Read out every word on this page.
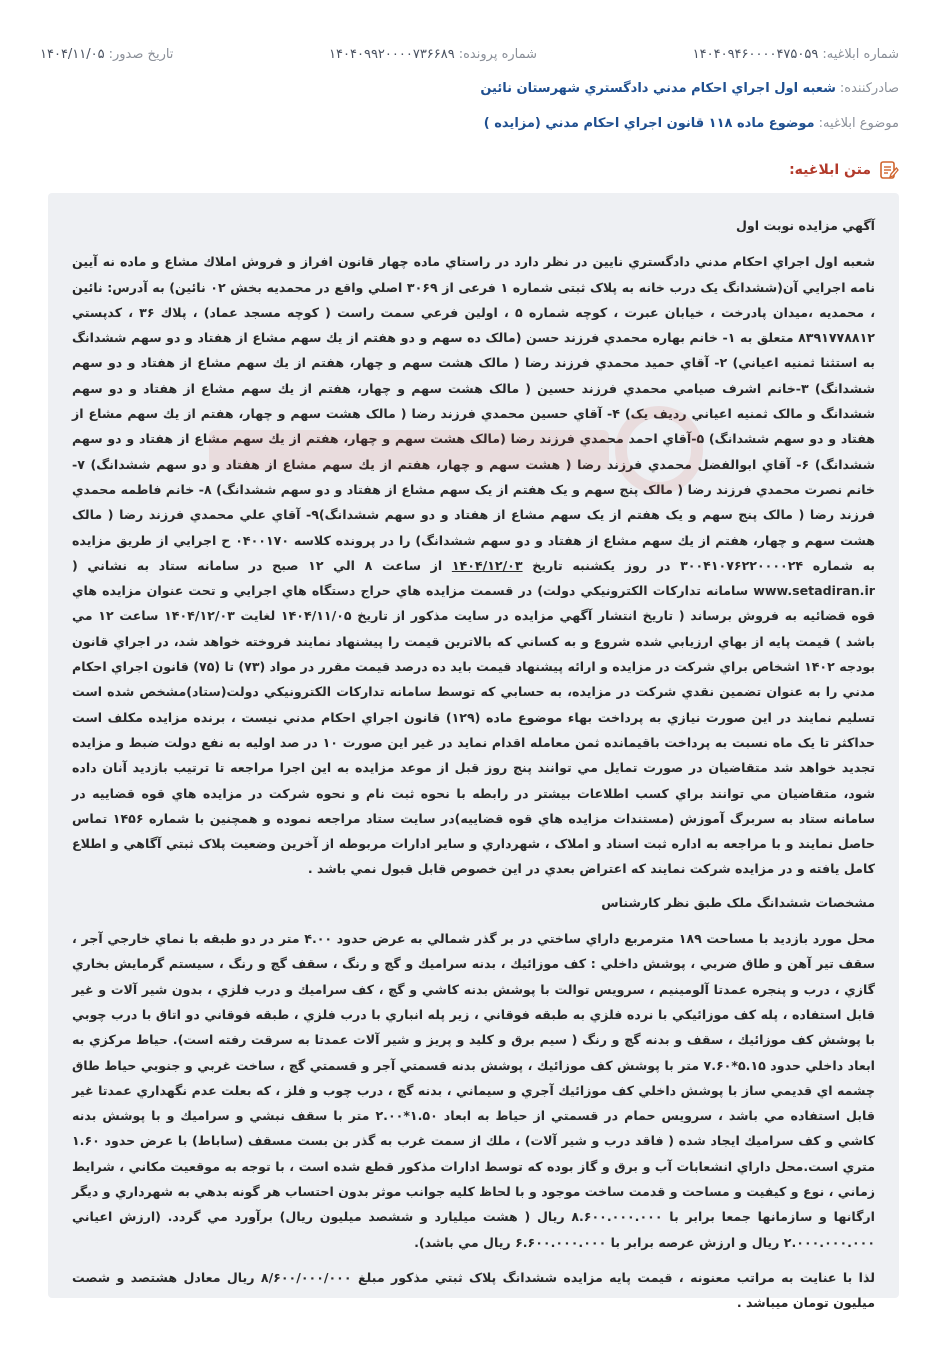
شماره ابلاغیه:۱۴۰۴۰۹۴۶۰۰۰۰۴۷۵۰۵۹
شماره پرونده:۱۴۰۴۰۹۹۲۰۰۰۰۷۳۶۶۸۹
تاریخ صدور:۱۴۰۴/۱۱/۰۵
صادرکننده:
شعبه اول اجراي احكام مدني دادگستري شهرستان نائين
موضوع ابلاغیه:
موضوع ماده ۱۱۸ قانون اجراي احكام مدني (مزايده )
متن ابلاغیه:

آگهي مزايده نوبت اول

شعبه اول اجراي احكام مدني دادگستري نايين در نظر دارد در راستاي ماده چهار قانون افراز و فروش املاك مشاع و ماده نه آيين نامه اجرايي آن(ششدانگ يک درب خانه به پلاک ثبتی شماره ۱ فرعی از ۳۰۶۹ اصلي واقع در محمديه بخش ۰۲ نائين) به آدرس: نائين ، محمديه ،ميدان پادرخت ، خيابان عبرت ، كوچه شماره ۵ ، اولين فرعي سمت راست ( كوچه مسجد عماد) ، پلاك ۳۶ ، كدپستي ۸۳۹۱۷۷۸۸۱۲ متعلق به ۱- خانم بهاره محمدي فرزند حسن (مالک ده سهم و دو هفتم از يك سهم مشاع از هفتاد و دو سهم ششدانگ به استثنا ثمنيه اعياني) ۲- آقاي حميد محمدي فرزند رضا ( مالک هشت سهم و چهار، هفتم از يك سهم مشاع از هفتاد و دو سهم ششدانگ) ۳-خانم اشرف صيامي محمدي فرزند حسين ( مالک هشت سهم و چهار، هفتم از يك سهم مشاع از هفتاد و دو سهم ششدانگ و مالک ثمنيه اعياني رديف يک) ۴- آقاي حسين محمدي فرزند رضا ( مالک هشت سهم و چهار، هفتم از يك سهم مشاع از هفتاد و دو سهم ششدانگ) ۵-آقاي احمد محمدي فرزند رضا (مالک هشت سهم و چهار، هفتم از يك سهم مشاع از هفتاد و دو سهم ششدانگ) ۶- آقاي ابوالفضل محمدي فرزند رضا ( هشت سهم و چهار، هفتم از يك سهم مشاع از هفتاد و دو سهم ششدانگ) ۷- خانم نصرت محمدي فرزند رضا ( مالک پنج سهم و يک هفتم از يک سهم مشاع از هفتاد و دو سهم ششدانگ) ۸- خانم فاطمه محمدي فرزند رضا ( مالک پنج سهم و يک هفتم از يک سهم مشاع از هفتاد و دو سهم ششدانگ)۹- آقاي علي محمدي فرزند رضا ( مالک هشت سهم و چهار، هفتم از يك سهم مشاع از هفتاد و دو سهم ششدانگ) را در پرونده كلاسه ۰۴۰۰۱۷۰ ح اجرايي از طريق مزايده به شماره ۳۰۰۴۱۰۷۶۲۲۰۰۰۰۲۴ در روز يكشنبه تاريخ ۱۴۰۴/۱۲/۰۳ از ساعت ۸ الي ۱۲ صبح در سامانه ستاد به نشاني ( www.setadiran.ir سامانه تداركات الكترونيكي دولت) در قسمت مزايده هاي حراج دستگاه هاي اجرايي و تحت عنوان مزايده هاي قوه قضائيه به فروش برساند ( تاريخ انتشار آگهي مزايده در سايت مذكور از تاريخ ۱۴۰۴/۱۱/۰۵ لغايت ۱۴۰۴/۱۲/۰۳ ساعت ۱۲ مي باشد ) قيمت پايه از بهاي ارزيابي شده شروع و به كساني كه بالاترين قيمت را پيشنهاد نمايند فروخته خواهد شد، در اجراي قانون بودجه ۱۴۰۲ اشخاص براي شركت در مزايده و ارائه پيشنهاد قيمت بايد ده درصد قيمت مقرر در مواد (۷۳) تا (۷۵) قانون اجراي احكام مدني را به عنوان تضمين نقدي شركت در مزايده، به حسابي كه توسط سامانه تداركات الكترونيكي دولت(ستاد)مشخص شده است تسليم نمايند در اين صورت نيازي به پرداخت بهاء موضوع ماده (۱۲۹) قانون اجراي احكام مدني نيست ، برنده مزايده مكلف است حداكثر تا يک ماه نسبت به پرداخت باقيمانده ثمن معامله اقدام نمايد در غير اين صورت ۱۰ در صد اوليه به نفع دولت ضبط و مزايده تجديد خواهد شد متقاضيان در صورت تمايل مي توانند پنج روز قبل از موعد مزايده به اين اجرا مراجعه تا ترتيب بازديد آنان داده شود، متقاضيان مي توانند براي كسب اطلاعات بيشتر در رابطه با نحوه ثبت نام و نحوه شركت در مزايده هاي قوه قضاييه در سامانه ستاد به سربرگ آموزش (مستندات مزايده هاي قوه قضاييه)در سايت ستاد مراجعه نموده و همچنين با شماره ۱۴۵۶ تماس حاصل نمايند و با مراجعه به اداره ثبت اسناد و املاک ، شهرداري و ساير ادارات مربوطه از آخرين وضعيت پلاک ثبتي آگاهي و اطلاع كامل يافته و در مزايده شركت نمايند كه اعتراض بعدي در اين خصوص قابل قبول نمي باشد .

مشخصات ششدانگ ملک طبق نظر كارشناس

محل مورد بازديد با مساحت ۱۸۹ مترمربع داراي ساختي در بر گذر شمالي به عرض حدود ۴.۰۰ متر در دو طبقه با نماي خارجي آجر ، سقف تير آهن و طاق ضربي ، پوشش داخلي : كف موزائيك ، بدنه سراميك و گچ و رنگ ، سقف گچ و رنگ ، سيستم گرمايش بخاري گازي ، درب و پنجره عمدتا آلومينيم ، سرويس توالت با پوشش بدنه كاشي و گچ ، كف سراميك و درب فلزي ، بدون شير آلات و غير قابل استفاده ، پله كف موزائيكي با نرده فلزي به طبقه فوقاني ، زير پله انباري با درب فلزي ، طبقه فوقاني دو اتاق با درب چوبي با پوشش كف موزائيك ، سقف و بدنه گچ و رنگ ( سيم برق و كليد و پريز و شير آلات عمدتا به سرقت رفته است). حياط مركزي به ابعاد داخلي حدود ۵.۱۵*۷.۶۰ متر با پوشش كف موزائيك ، پوشش بدنه قسمتي آجر و قسمتي گچ ، ساخت غربي و جنوبي حياط طاق چشمه اي قديمي ساز با پوشش داخلي كف موزائيك آجري و سيماني ، بدنه گچ ، درب چوب و فلز ، كه بعلت عدم نگهداري عمدتا غير قابل استفاده مي باشد ، سرويس حمام در قسمتي از حياط به ابعاد ۱.۵۰*۲.۰۰ متر با سقف نبشي و سراميك و با پوشش بدنه كاشي و كف سراميك ايجاد شده ( فاقد درب و شير آلات) ، ملك از سمت غرب به گذر بن بست مسقف (ساباط) با عرض حدود ۱.۶۰ متري است.محل داراي انشعابات آب و برق و گاز بوده كه توسط ادارات مذكور قطع شده است ، با توجه به موقعيت مكاني ، شرايط زماني ، نوع و كيفيت و مساحت و قدمت ساخت موجود و با لحاظ كليه جوانب موثر بدون احتساب هر گونه بدهي به شهرداري و ديگر ارگانها و سازمانها جمعا برابر با ۸.۶۰۰.۰۰۰.۰۰۰ ريال ( هشت ميليارد و ششصد ميليون ريال) برآورد مي گردد. (ارزش اعياني ۲.۰۰۰.۰۰۰.۰۰۰ ريال و ارزش عرصه برابر با ۶.۶۰۰.۰۰۰.۰۰۰ ريال مي باشد).

لذا با عنايت به مراتب معنونه ، قيمت پايه مزايده ششدانگ پلاک ثبتي مذكور مبلغ ۸/۶۰۰/۰۰۰/۰۰۰ ريال معادل هشتصد و شصت ميليون تومان ميباشد .
